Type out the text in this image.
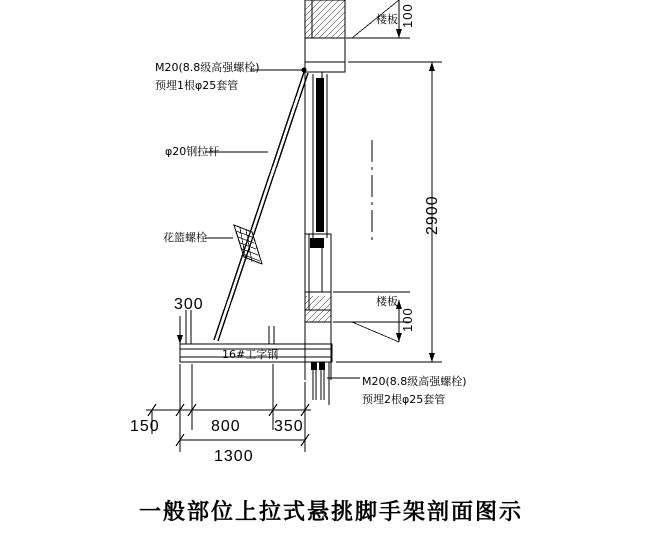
M20(8.8级高强螺栓)
预埋1根φ25套管
φ20钢拉杆
花篮螺栓
16#工字钢
M20(8.8级高强螺栓)
预埋2根φ25套管
楼板
楼板
2900
100
100
300
150	800 350
1300
一般部位上拉式悬挑脚手架剖面图示
